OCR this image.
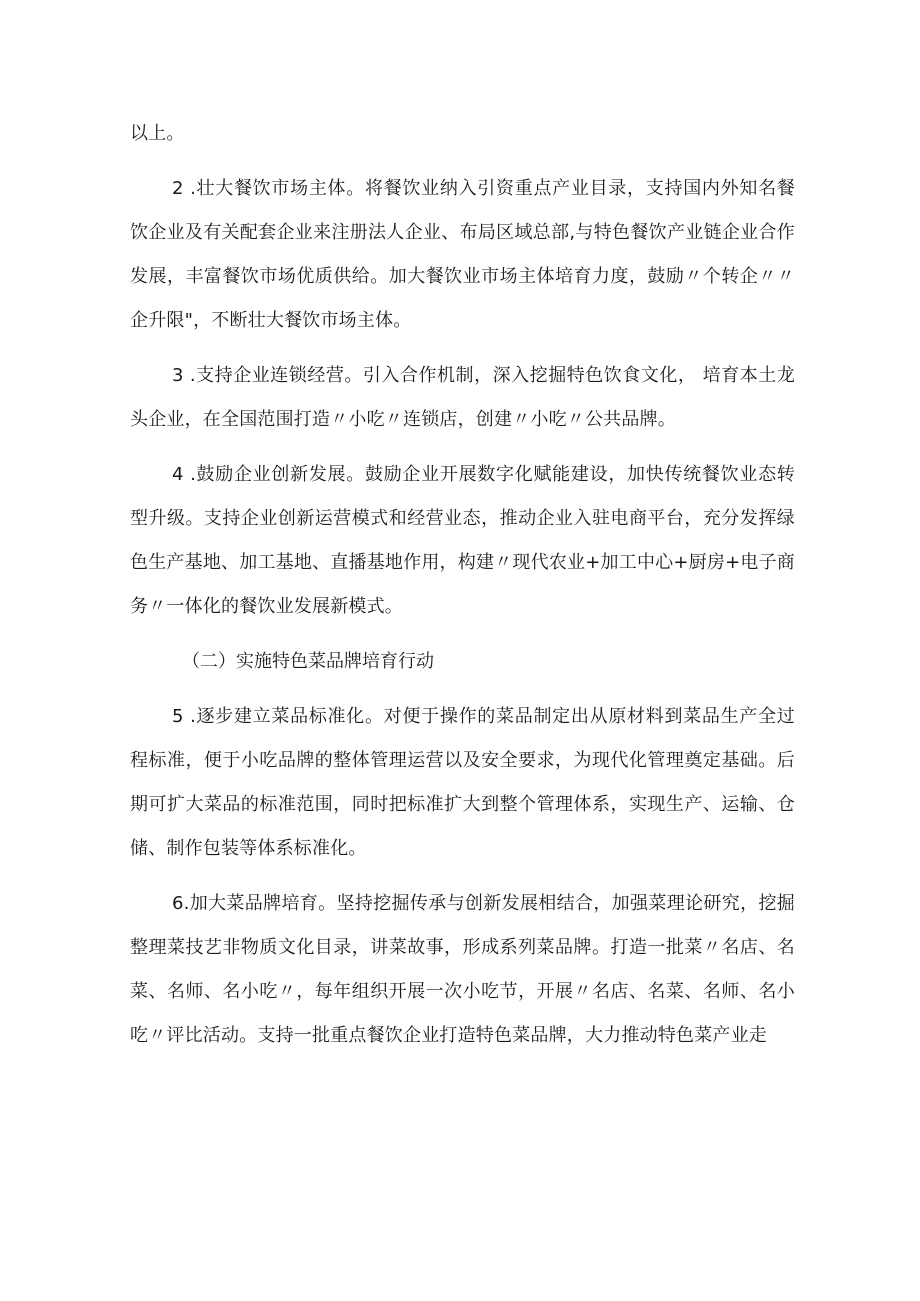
以上。

2 .壮大餐饮市场主体。将餐饮业纳入引资重点产业目录，支持国内外知名餐饮企业及有关配套企业来注册法人企业、布局区域总部,与特色餐饮产业链企业合作发展，丰富餐饮市场优质供给。加大餐饮业市场主体培育力度，鼓励〃个转企〃〃企升限"，不断壮大餐饮市场主体。

3 .支持企业连锁经营。引入合作机制，深入挖掘特色饮食文化， 培育本土龙头企业，在全国范围打造〃小吃〃连锁店，创建〃小吃〃公共品牌。

4 .鼓励企业创新发展。鼓励企业开展数字化赋能建设，加快传统餐饮业态转型升级。支持企业创新运营模式和经营业态，推动企业入驻电商平台，充分发挥绿色生产基地、加工基地、直播基地作用，构建〃现代农业+加工中心+厨房+电子商务〃一体化的餐饮业发展新模式。

（二）实施特色菜品牌培育行动

5 .逐步建立菜品标准化。对便于操作的菜品制定出从原材料到菜品生产全过程标准，便于小吃品牌的整体管理运营以及安全要求，为现代化管理奠定基础。后期可扩大菜品的标准范围，同时把标准扩大到整个管理体系，实现生产、运输、仓储、制作包装等体系标准化。

6.加大菜品牌培育。坚持挖掘传承与创新发展相结合，加强菜理论研究，挖掘整理菜技艺非物质文化目录，讲菜故事，形成系列菜品牌。打造一批菜〃名店、名菜、名师、名小吃〃，每年组织开展一次小吃节，开展〃名店、名菜、名师、名小吃〃评比活动。支持一批重点餐饮企业打造特色菜品牌，大力推动特色菜产业走
